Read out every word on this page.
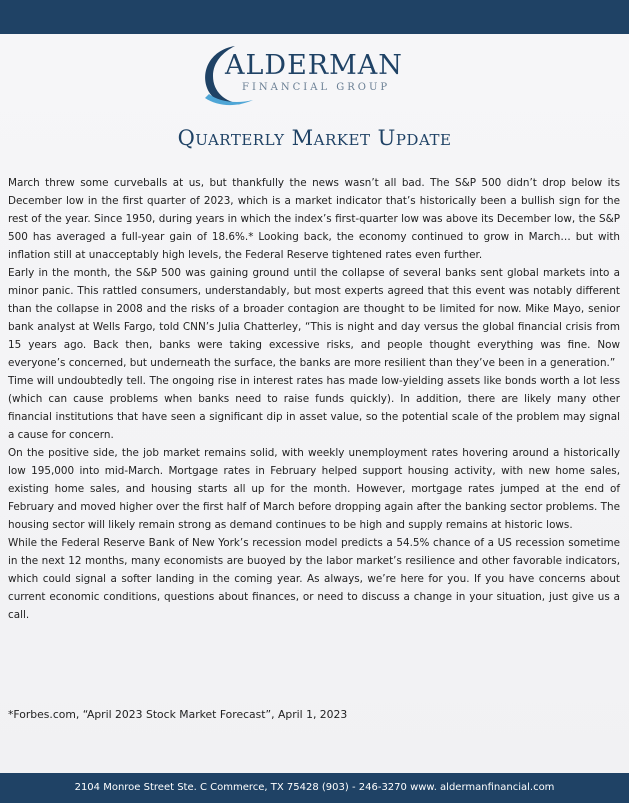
ALDERMAN
FINANCIAL GROUP
Quarterly Market Update

March threw some curveballs at us, but thankfully the news wasn’t all bad. The S&P 500 didn’t drop below its December low in the first quarter of 2023, which is a market indicator that’s historically been a bullish sign for the rest of the year. Since 1950, during years in which the index’s first-quarter low was above its December low, the S&P 500 has averaged a full-year gain of 18.6%.* Looking back, the economy continued to grow in March… but with inflation still at unacceptably high levels, the Federal Reserve tightened rates even further.

Early in the month, the S&P 500 was gaining ground until the collapse of several banks sent global markets into a minor panic. This rattled consumers, understandably, but most experts agreed that this event was notably different than the collapse in 2008 and the risks of a broader contagion are thought to be limited for now. Mike Mayo, senior bank analyst at Wells Fargo, told CNN’s Julia Chatterley, “This is night and day versus the global financial crisis from 15 years ago. Back then, banks were taking excessive risks, and people thought everything was fine. Now everyone’s concerned, but underneath the surface, the banks are more resilient than they’ve been in a generation.”

Time will undoubtedly tell. The ongoing rise in interest rates has made low-yielding assets like bonds worth a lot less (which can cause problems when banks need to raise funds quickly). In addition, there are likely many other financial institutions that have seen a significant dip in asset value, so the potential scale of the problem may signal a cause for concern.

On the positive side, the job market remains solid, with weekly unemployment rates hovering around a historically low 195,000 into mid-March. Mortgage rates in February helped support housing activity, with new home sales, existing home sales, and housing starts all up for the month. However, mortgage rates jumped at the end of February and moved higher over the first half of March before dropping again after the banking sector problems. The housing sector will likely remain strong as demand continues to be high and supply remains at historic lows.

While the Federal Reserve Bank of New York’s recession model predicts a 54.5% chance of a US recession sometime in the next 12 months, many economists are buoyed by the labor market’s resilience and other favorable indicators, which could signal a softer landing in the coming year. As always, we’re here for you. If you have concerns about current economic conditions, questions about finances, or need to discuss a change in your situation, just give us a call.

*Forbes.com, “April 2023 Stock Market Forecast”, April 1, 2023
2104 Monroe Street Ste. C Commerce, TX 75428 (903) - 246-3270 www. aldermanfinancial.com
